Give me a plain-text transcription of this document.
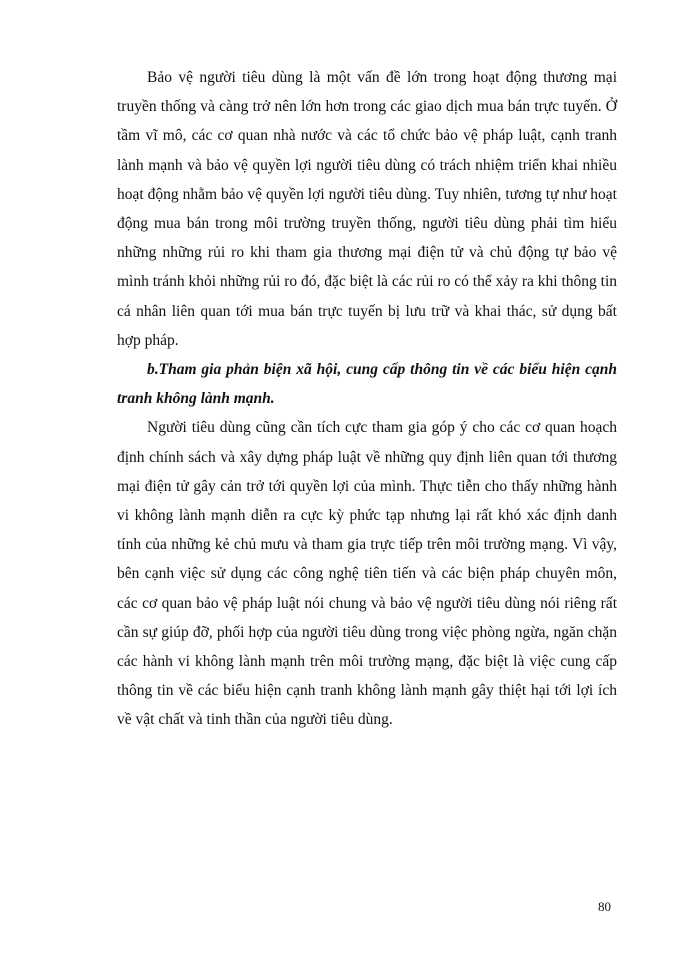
Bảo vệ người tiêu dùng là một vấn đề lớn trong hoạt động thương mại truyền thống và càng trở nên lớn hơn trong các giao dịch mua bán trực tuyến. Ở tầm vĩ mô, các cơ quan nhà nước và các tổ chức bảo vệ pháp luật, cạnh tranh lành mạnh và bảo vệ quyền lợi người tiêu dùng có trách nhiệm triển khai nhiều hoạt động nhằm bảo vệ quyền lợi người tiêu dùng. Tuy nhiên, tương tự như hoạt động mua bán trong môi trường truyền thống, người tiêu dùng phải tìm hiểu những những rủi ro khi tham gia thương mại điện tử và chủ động tự bảo vệ mình tránh khỏi những rủi ro đó, đặc biệt là các rủi ro có thể xảy ra khi thông tin cá nhân liên quan tới mua bán trực tuyến bị lưu trữ và khai thác, sử dụng bất hợp pháp.

b.Tham gia phản biện xã hội, cung cấp thông tin về các biểu hiện cạnh tranh không lành mạnh.

Người tiêu dùng cũng cần tích cực tham gia góp ý cho các cơ quan hoạch định chính sách và xây dựng pháp luật về những quy định liên quan tới thương mại điện tử gây cản trở tới quyền lợi của mình. Thực tiễn cho thấy những hành vi không lành mạnh diễn ra cực kỳ phức tạp nhưng lại rất khó xác định danh tính của những kẻ chủ mưu và tham gia trực tiếp trên môi trường mạng. Vì vậy, bên cạnh việc sử dụng các công nghệ tiên tiến và các biện pháp chuyên môn, các cơ quan bảo vệ pháp luật nói chung và bảo vệ người tiêu dùng nói riêng rất cần sự giúp đỡ, phối hợp của người tiêu dùng trong việc phòng ngừa, ngăn chặn các hành vi không lành mạnh trên môi trường mạng, đặc biệt là việc cung cấp thông tin về các biểu hiện cạnh tranh không lành mạnh gây thiệt hại tới lợi ích về vật chất và tinh thần của người tiêu dùng.

80
